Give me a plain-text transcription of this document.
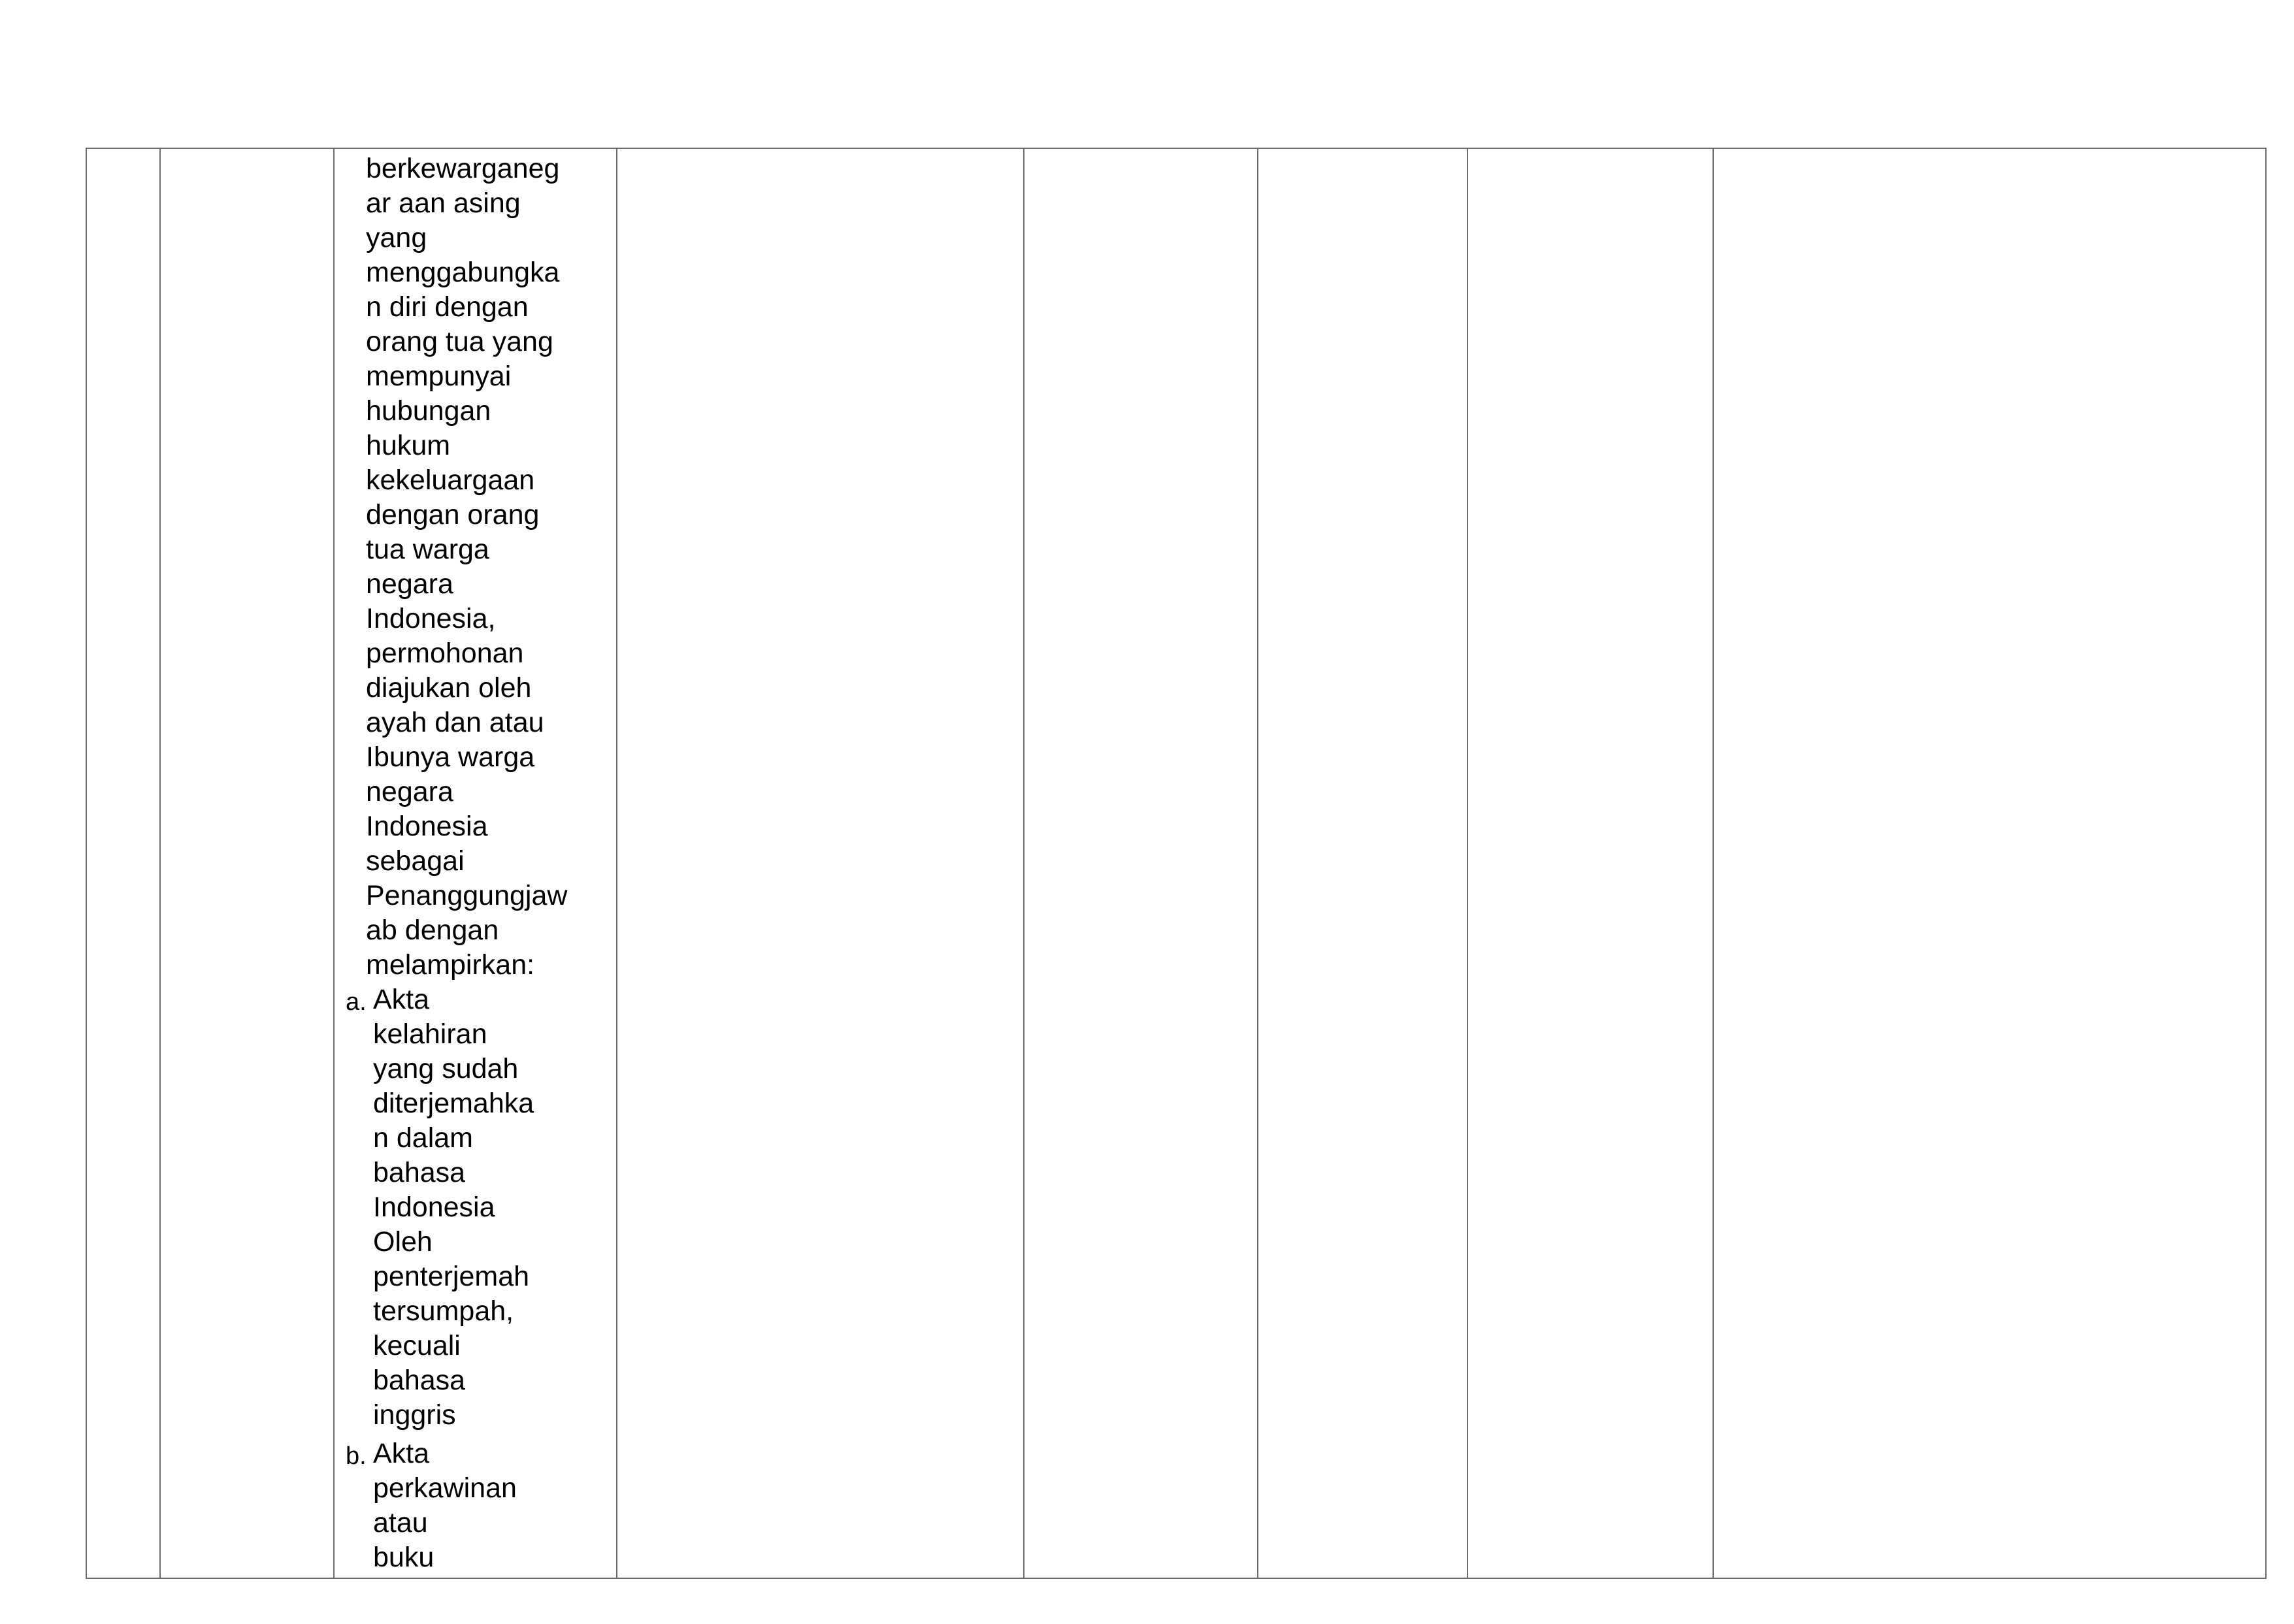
berkewarganeg
ar aan asing
yang
menggabungka
n diri dengan
orang tua yang
mempunyai
hubungan
hukum
kekeluargaan
dengan orang
tua warga
negara
Indonesia,
permohonan
diajukan oleh
ayah dan atau
Ibunya warga
negara
Indonesia
sebagai
Penanggungjaw
ab dengan
melampirkan:
a. Akta
kelahiran
yang sudah
diterjemahka
n dalam
bahasa
Indonesia
Oleh
penterjemah
tersumpah,
kecuali
bahasa
inggris
b. Akta
perkawinan
atau
buku
